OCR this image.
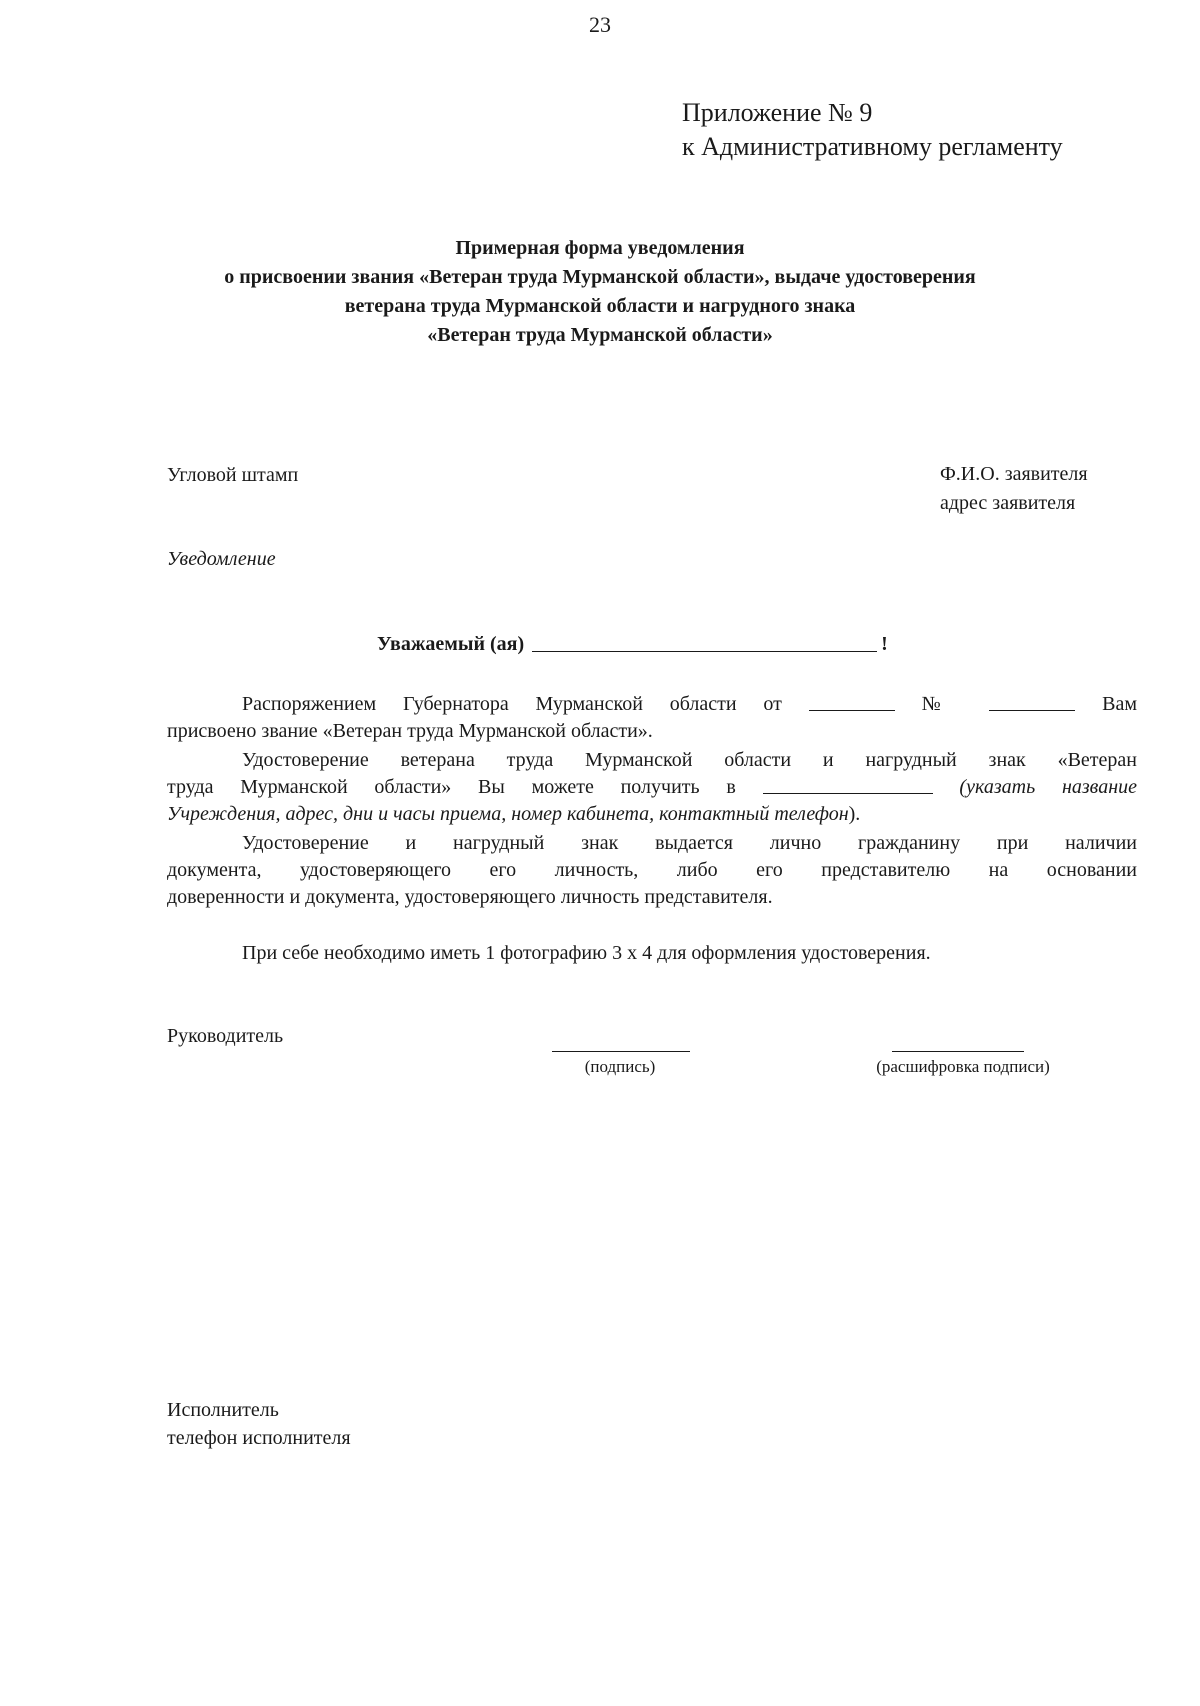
23
Приложение № 9
к Административному регламенту
Примерная форма уведомления
о присвоении звания «Ветеран труда Мурманской области», выдаче удостоверения
ветерана труда Мурманской области и нагрудного знака
«Ветеран труда Мурманской области»
Угловой штамп	Ф.И.О. заявителя
адрес заявителя
Уведомление
Уважаемый (ая)	!
Распоряжением Губернатора Мурманской области от	№	Вам
присвоено звание «Ветеран труда Мурманской области».
Удостоверение ветерана труда Мурманской области и нагрудный знак «Ветеран
труда Мурманской области» Вы можете получить в	(указать название
Учреждения, адрес, дни и часы приема, номер кабинета, контактный телефон).
Удостоверение и нагрудный знак выдается лично гражданину при наличии
документа, удостоверяющего его личность, либо его представителю на основании
доверенности и документа, удостоверяющего личность представителя.
При себе необходимо иметь 1 фотографию 3 х 4 для оформления удостоверения.
Руководитель
(подпись)	(расшифровка подписи)
Исполнитель
телефон исполнителя
